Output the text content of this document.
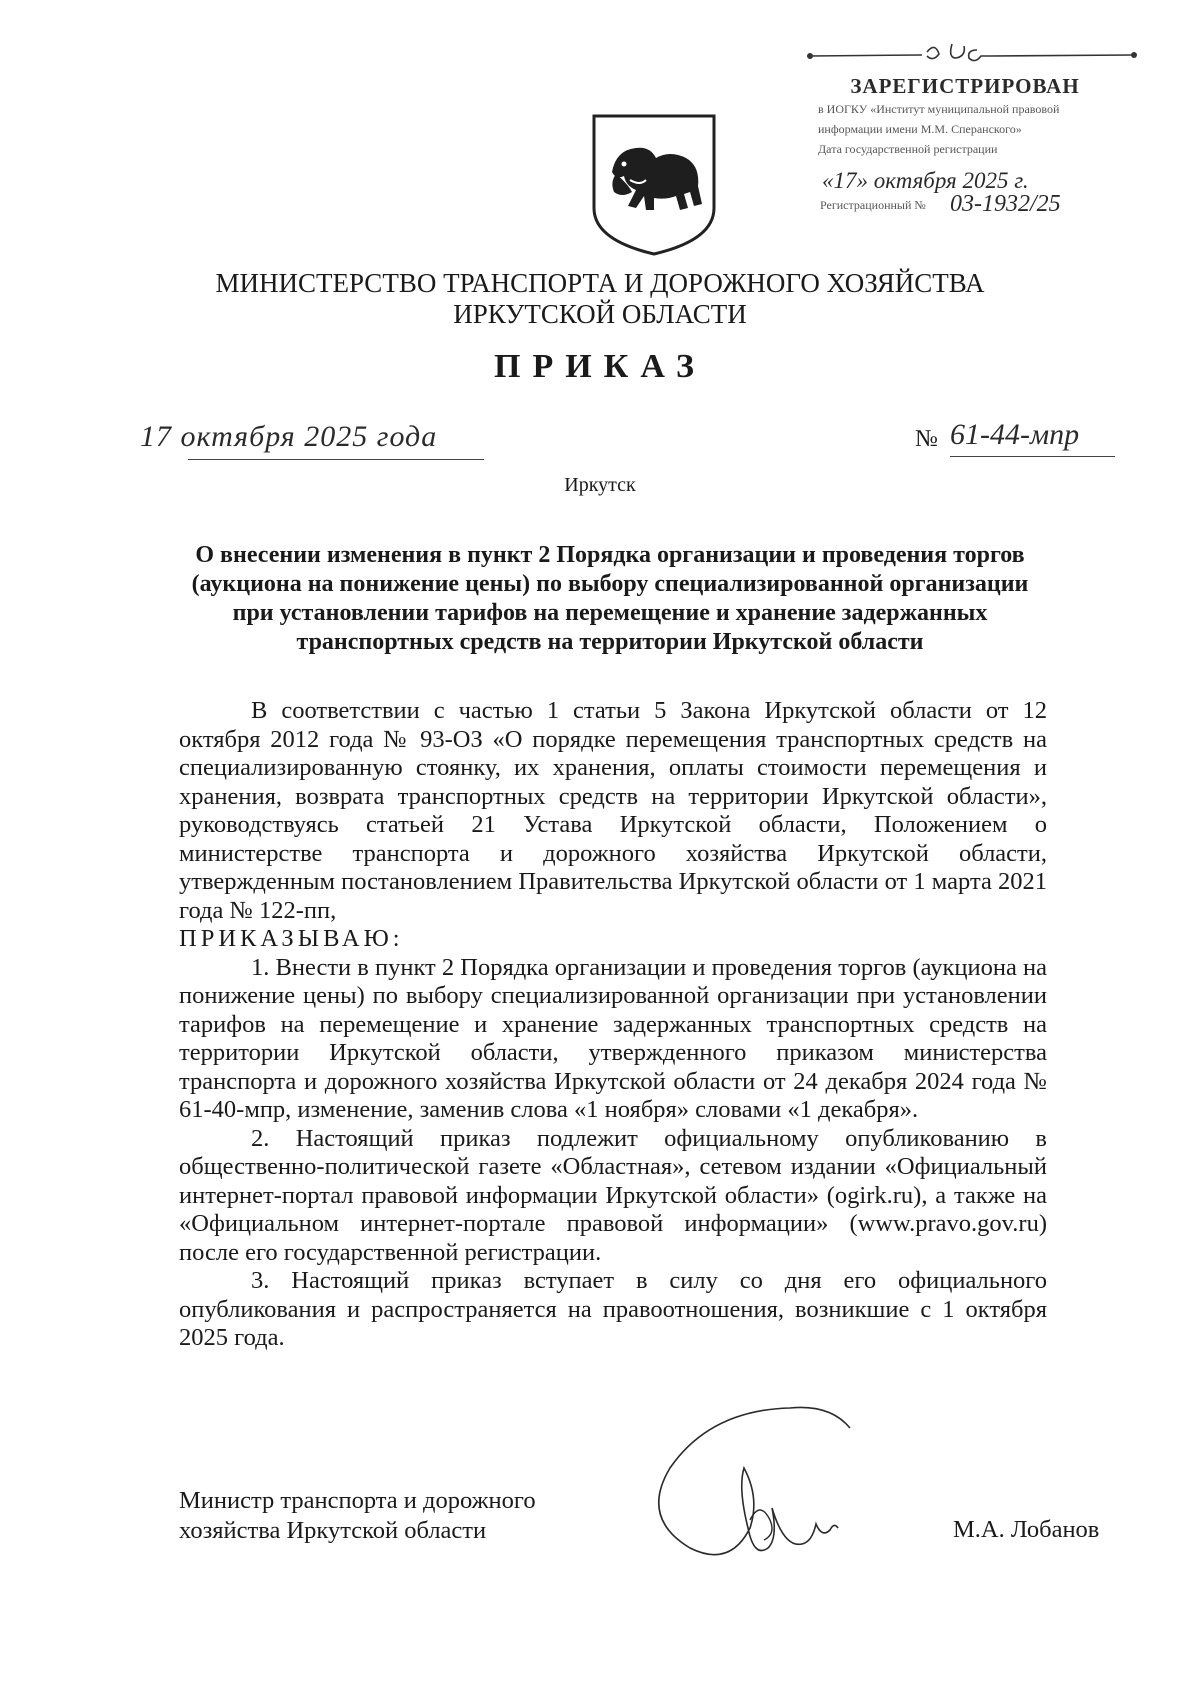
ЗАРЕГИСТРИРОВАН
в ИОГКУ «Институт муниципальной правовой
информации имени М.М. Сперанского»
Дата государственной регистрации
«17» октября 2025 г.
Регистрационный № 03-1932/25
МИНИСТЕРСТВО ТРАНСПОРТА И ДОРОЖНОГО ХОЗЯЙСТВА
ИРКУТСКОЙ ОБЛАСТИ
ПРИКАЗ
17 октября 2025 года	№ 61-44-мпр
Иркутск
О внесении изменения в пункт 2 Порядка организации и проведения торгов (аукциона на понижение цены) по выбору специализированной организации при установлении тарифов на перемещение и хранение задержанных транспортных средств на территории Иркутской области

В соответствии с частью 1 статьи 5 Закона Иркутской области от 12 октября 2012 года № 93-ОЗ «О порядке перемещения транспортных средств на специализированную стоянку, их хранения, оплаты стоимости перемещения и хранения, возврата транспортных средств на территории Иркутской области», руководствуясь статьей 21 Устава Иркутской области, Положением о министерстве транспорта и дорожного хозяйства Иркутской области, утвержденным постановлением Правительства Иркутской области от 1 марта 2021 года № 122-пп,

ПРИКАЗЫВАЮ:

1. Внести в пункт 2 Порядка организации и проведения торгов (аукциона на понижение цены) по выбору специализированной организации при установлении тарифов на перемещение и хранение задержанных транспортных средств на территории Иркутской области, утвержденного приказом министерства транспорта и дорожного хозяйства Иркутской области от 24 декабря 2024 года № 61-40-мпр, изменение, заменив слова «1 ноября» словами «1 декабря».

2. Настоящий приказ подлежит официальному опубликованию в общественно-политической газете «Областная», сетевом издании «Официальный интернет-портал правовой информации Иркутской области» (ogirk.ru), а также на «Официальном интернет-портале правовой информации» (www.pravo.gov.ru) после его государственной регистрации.

3. Настоящий приказ вступает в силу со дня его официального опубликования и распространяется на правоотношения, возникшие с 1 октября 2025 года.

Министр транспорта и дорожного
хозяйства Иркутской области	М.А. Лобанов
